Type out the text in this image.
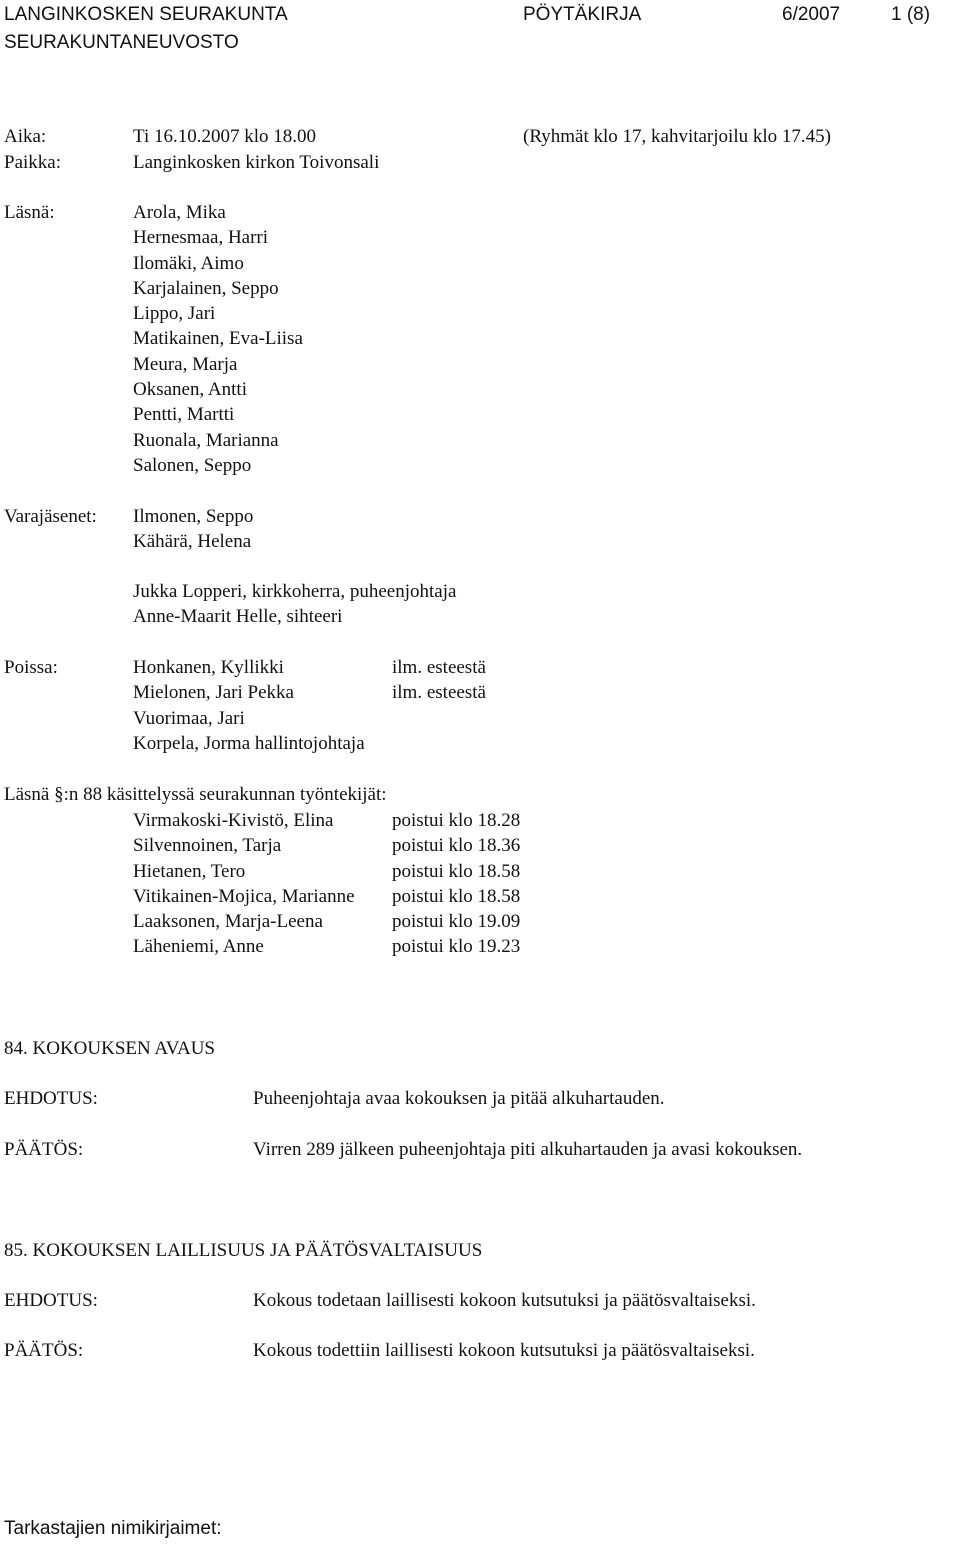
LANGINKOSKEN SEURAKUNTA
SEURAKUNTANEUVOSTO
PÖYTÄKIRJA	6/2007	1 (8)
Aika:	Ti 16.10.2007 klo 18.00	(Ryhmät klo 17, kahvitarjoilu klo 17.45)
Paikka:	Langinkosken kirkon Toivonsali
Läsnä:	Arola, Mika
Hernesmaa, Harri
Ilomäki, Aimo
Karjalainen, Seppo
Lippo, Jari
Matikainen, Eva-Liisa
Meura, Marja
Oksanen, Antti
Pentti, Martti
Ruonala, Marianna
Salonen, Seppo
Varajäsenet: Ilmonen, Seppo
Kähärä, Helena
Jukka Lopperi, kirkkoherra, puheenjohtaja
Anne-Maarit Helle, sihteeri
Poissa:	Honkanen, Kyllikki	ilm. esteestä
Mielonen, Jari Pekka	ilm. esteestä
Vuorimaa, Jari
Korpela, Jorma hallintojohtaja
Läsnä §:n 88 käsittelyssä seurakunnan työntekijät:
Virmakoski-Kivistö, Elina	poistui klo 18.28
Silvennoinen, Tarja	poistui klo 18.36
Hietanen, Tero	poistui klo 18.58
Vitikainen-Mojica, Marianne poistui klo 18.58
Laaksonen, Marja-Leena	poistui klo 19.09
Läheniemi, Anne	poistui klo 19.23
84. KOKOUKSEN AVAUS
EHDOTUS:	Puheenjohtaja avaa kokouksen ja pitää alkuhartauden.
PÄÄTÖS:	Virren 289 jälkeen puheenjohtaja piti alkuhartauden ja avasi kokouksen.
85. KOKOUKSEN LAILLISUUS JA PÄÄTÖSVALTAISUUS
EHDOTUS:	Kokous todetaan laillisesti kokoon kutsutuksi ja päätösvaltaiseksi.
PÄÄTÖS:	Kokous todettiin laillisesti kokoon kutsutuksi ja päätösvaltaiseksi.
Tarkastajien nimikirjaimet:
